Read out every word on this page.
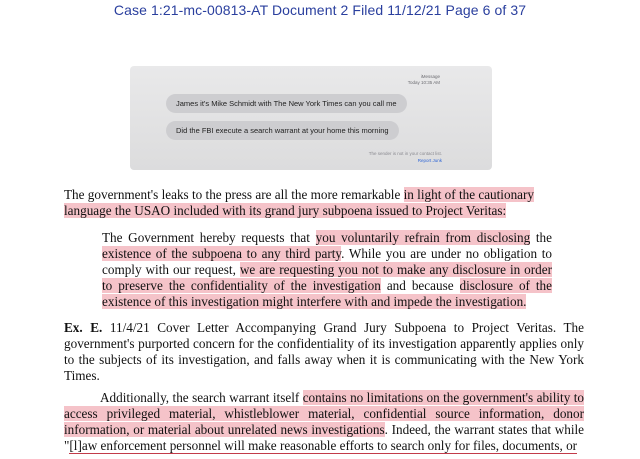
Case 1:21-mc-00813-AT Document 2 Filed 11/12/21 Page 6 of 37
iMessage
Today 10:35 AM
James it's Mike Schmidt with The New York Times can you call me
Did the FBI execute a search warrant at your home this morning
The sender is not in your contact list.
Report Junk
The government's leaks to the press are all the more remarkable in light of the cautionary language the USAO included with its grand jury subpoena issued to Project Veritas:
The Government hereby requests that you voluntarily refrain from disclosing the existence of the subpoena to any third party. While you are under no obligation to comply with our request, we are requesting you not to make any disclosure in order to preserve the confidentiality of the investigation and because disclosure of the existence of this investigation might interfere with and impede the investigation.
Ex. E. 11/4/21 Cover Letter Accompanying Grand Jury Subpoena to Project Veritas. The government's purported concern for the confidentiality of its investigation apparently applies only to the subjects of its investigation, and falls away when it is communicating with the New York Times.
Additionally, the search warrant itself contains no limitations on the government's ability to access privileged material, whistleblower material, confidential source information, donor information, or material about unrelated news investigations. Indeed, the warrant states that while "[l]aw enforcement personnel will make reasonable efforts to search only for files, documents, or
